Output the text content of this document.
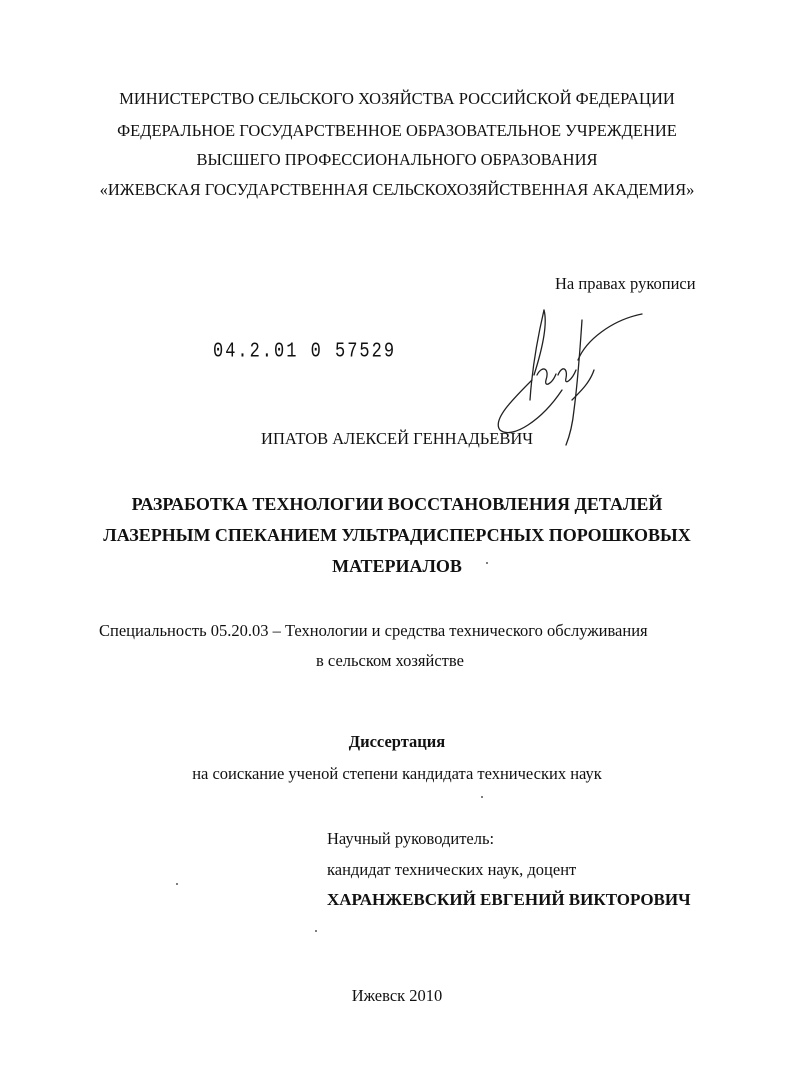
МИНИСТЕРСТВО СЕЛЬСКОГО ХОЗЯЙСТВА РОССИЙСКОЙ ФЕДЕРАЦИИ
ФЕДЕРАЛЬНОЕ ГОСУДАРСТВЕННОЕ ОБРАЗОВАТЕЛЬНОЕ УЧРЕЖДЕНИЕ
ВЫСШЕГО ПРОФЕССИОНАЛЬНОГО ОБРАЗОВАНИЯ
«ИЖЕВСКАЯ ГОСУДАРСТВЕННАЯ СЕЛЬСКОХОЗЯЙСТВЕННАЯ АКАДЕМИЯ»
На правах рукописи
04.2.01 0 57529
ИПАТОВ АЛЕКСЕЙ ГЕННАДЬЕВИЧ
РАЗРАБОТКА ТЕХНОЛОГИИ ВОССТАНОВЛЕНИЯ ДЕТАЛЕЙ
ЛАЗЕРНЫМ СПЕКАНИЕМ УЛЬТРАДИСПЕРСНЫХ ПОРОШКОВЫХ
МАТЕРИАЛОВ
Специальность 05.20.03 – Технологии и средства технического обслуживания
в сельском хозяйстве
Диссертация
на соискание ученой степени кандидата технических наук
Научный руководитель:
кандидат технических наук, доцент
ХАРАНЖЕВСКИЙ ЕВГЕНИЙ ВИКТОРОВИЧ
Ижевск 2010
